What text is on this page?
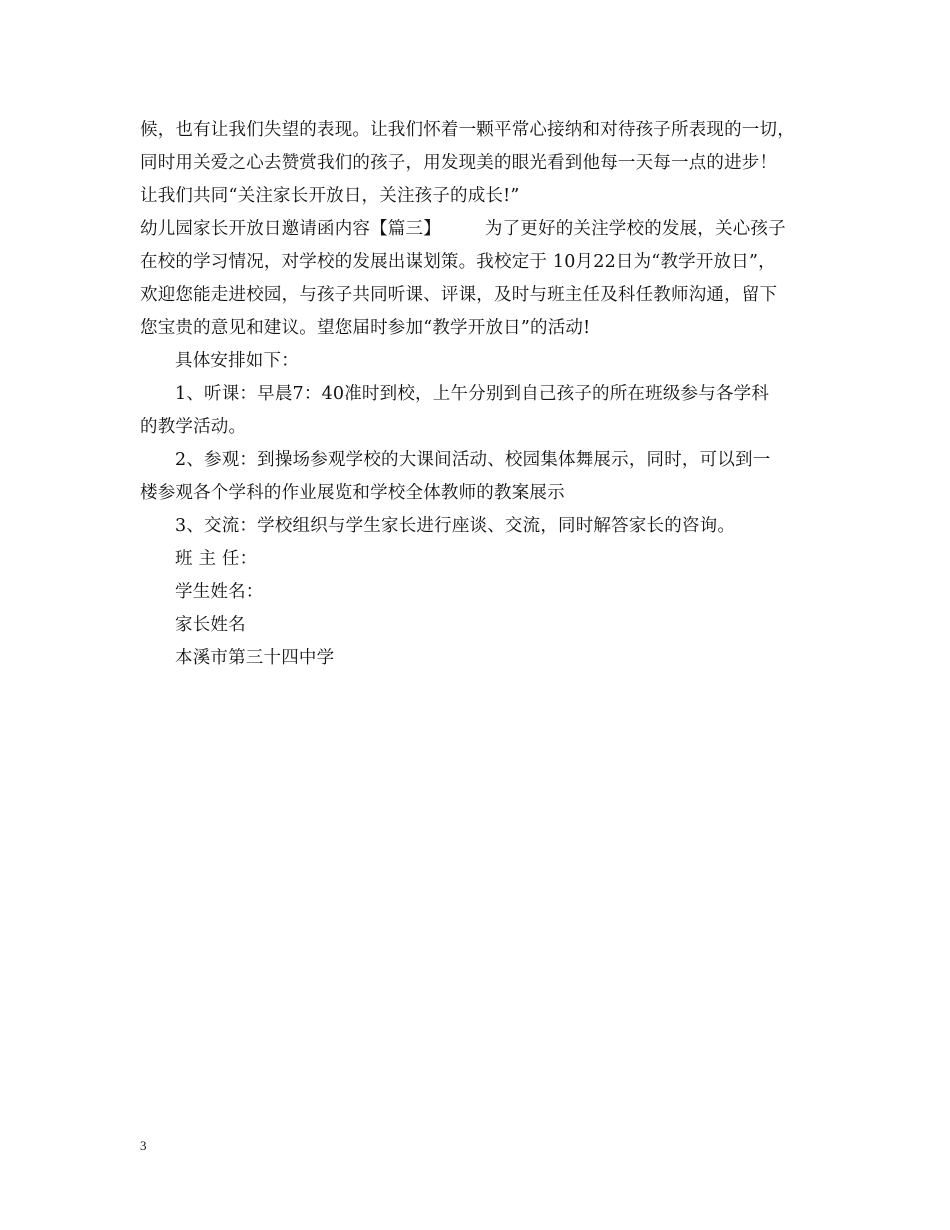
候，也有让我们失望的表现。让我们怀着一颗平常心接纳和对待孩子所表现的一切，
同时用关爱之心去赞赏我们的孩子，用发现美的眼光看到他每一天每一点的进步！
让我们共同“关注家长开放日，关注孩子的成长!”
幼儿园家长开放日邀请函内容【篇三】	为了更好的关注学校的发展，关心孩子
在校的学习情况，对学校的发展出谋划策。我校定于 10月22日为“教学开放日”，
欢迎您能走进校园，与孩子共同听课、评课，及时与班主任及科任教师沟通，留下
您宝贵的意见和建议。望您届时参加“教学开放日”的活动!
具体安排如下：
1、听课：早晨7：40准时到校，上午分别到自己孩子的所在班级参与各学科
的教学活动。
2、参观：到操场参观学校的大课间活动、校园集体舞展示，同时，可以到一
楼参观各个学科的作业展览和学校全体教师的教案展示
3、交流：学校组织与学生家长进行座谈、交流，同时解答家长的咨询。
班 主 任：
学生姓名：
家长姓名
本溪市第三十四中学
3
